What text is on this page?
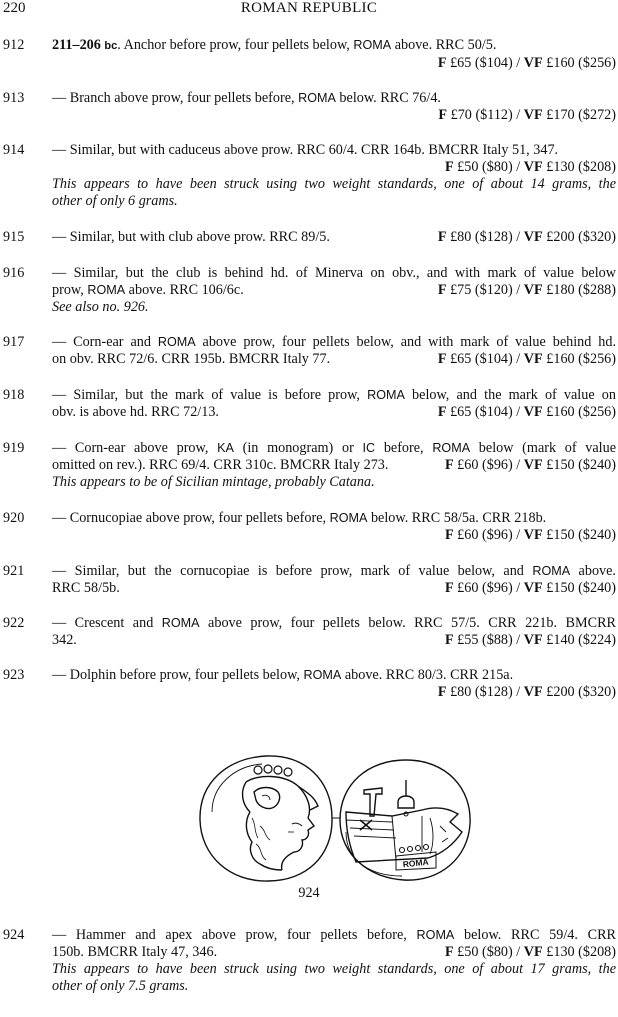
220	ROMAN REPUBLIC
912 211–206 bc. Anchor before prow, four pellets below, ROMA above. RRC 50/5.
F £65 ($104) / VF £160 ($256)
913 — Branch above prow, four pellets before, ROMA below. RRC 76/4.
F £70 ($112) / VF £170 ($272)
914 — Similar, but with caduceus above prow. RRC 60/4. CRR 164b. BMCRR Italy 51, 347.
F £50 ($80) / VF £130 ($208)
This appears to have been struck using two weight standards, one of about 14 grams, the
other of only 6 grams.
915 — Similar, but with club above prow. RRC 89/5.	F £80 ($128) / VF £200 ($320)
916 — Similar, but the club is behind hd. of Minerva on obv., and with mark of value below
prow, ROMA above. RRC 106/6c.	F £75 ($120) / VF £180 ($288)
See also no. 926.
917 — Corn-ear and ROMA above prow, four pellets below, and with mark of value behind hd.
on obv. RRC 72/6. CRR 195b. BMCRR Italy 77.	F £65 ($104) / VF £160 ($256)
918 — Similar, but the mark of value is before prow, ROMA below, and the mark of value on
obv. is above hd. RRC 72/13.	F £65 ($104) / VF £160 ($256)
919 — Corn-ear above prow, KA (in monogram) or IC before, ROMA below (mark of value
omitted on rev.). RRC 69/4. CRR 310c. BMCRR Italy 273.	F £60 ($96) / VF £150 ($240)
This appears to be of Sicilian mintage, probably Catana.
920 — Cornucopiae above prow, four pellets before, ROMA below. RRC 58/5a. CRR 218b.
F £60 ($96) / VF £150 ($240)
921 — Similar, but the cornucopiae is before prow, mark of value below, and ROMA above.
RRC 58/5b.	F £60 ($96) / VF £150 ($240)
922 — Crescent and ROMA above prow, four pellets below. RRC 57/5. CRR 221b. BMCRR
342.	F £55 ($88) / VF £140 ($224)
923 — Dolphin before prow, four pellets below, ROMA above. RRC 80/3. CRR 215a.
F £80 ($128) / VF £200 ($320)
ROMA
924
924 — Hammer and apex above prow, four pellets before, ROMA below. RRC 59/4. CRR
150b. BMCRR Italy 47, 346.	F £50 ($80) / VF £130 ($208)
This appears to have been struck using two weight standards, one of about 17 grams, the
other of only 7.5 grams.
